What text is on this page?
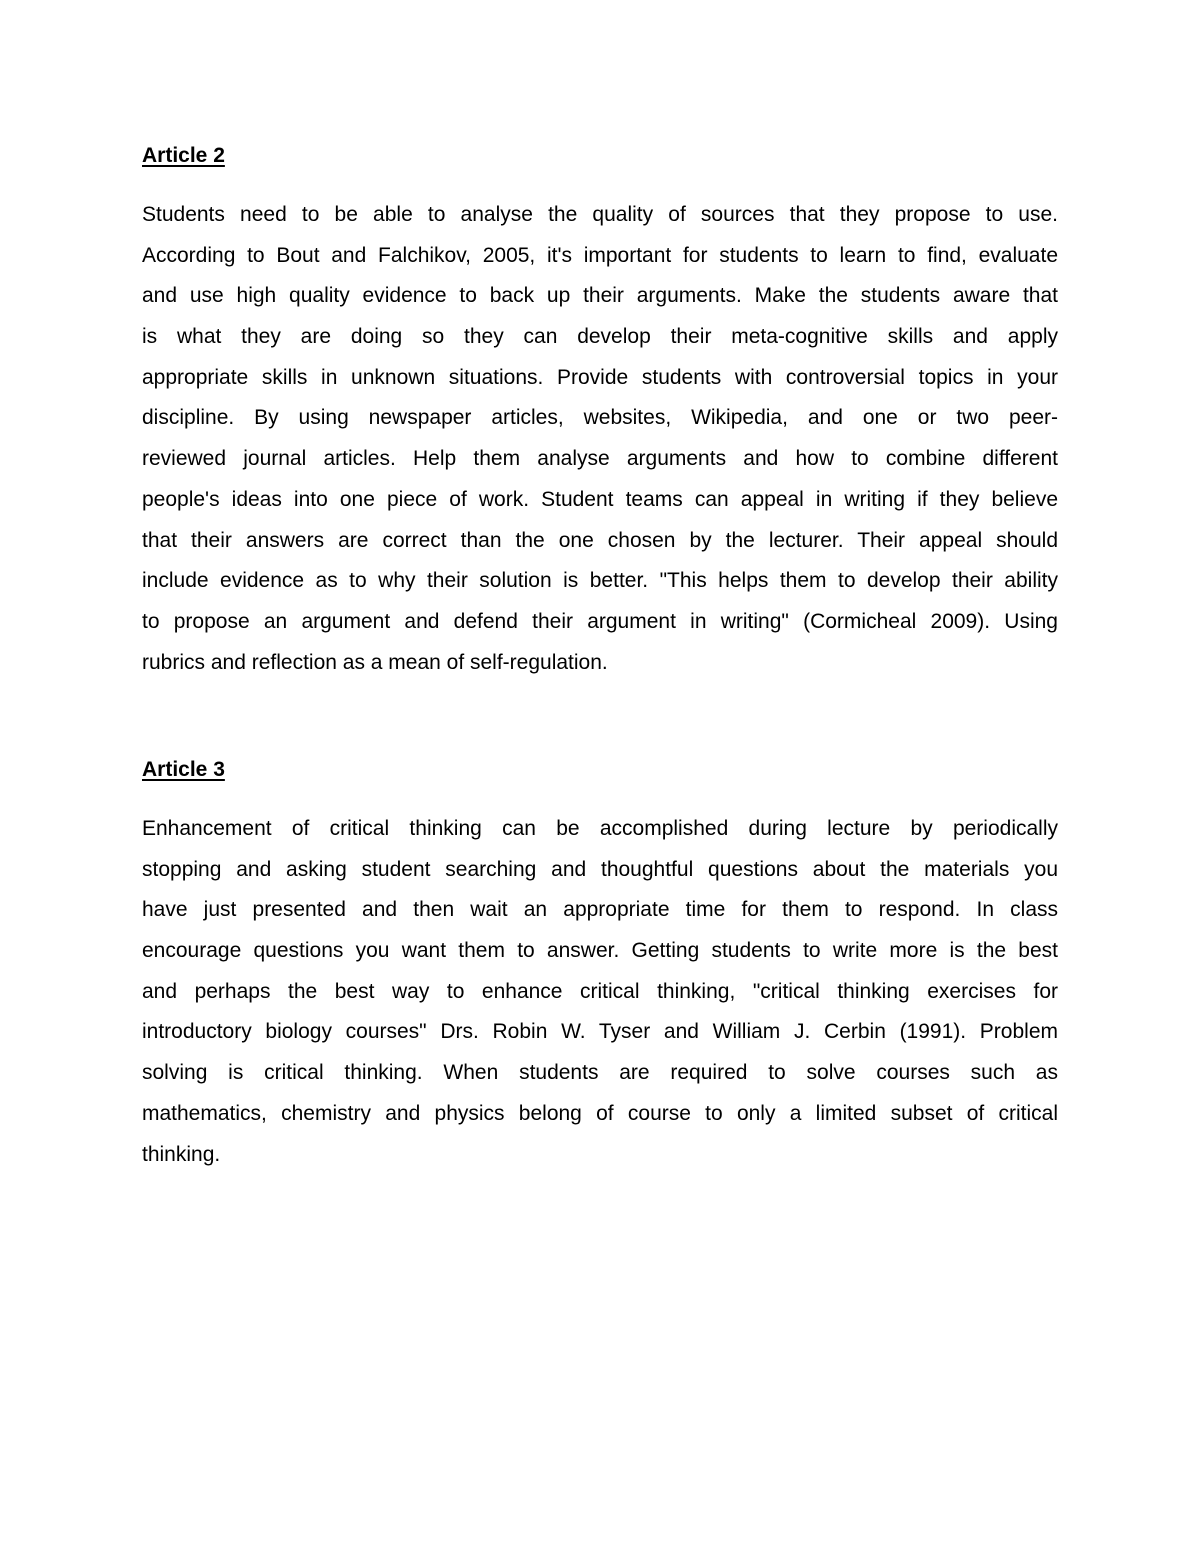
Article 2
Students need to be able to analyse the quality of sources that they propose to use.
According to Bout and Falchikov, 2005, it's important for students to learn to find, evaluate
and use high quality evidence to back up their arguments. Make the students aware that
is what they are doing so they can develop their meta-cognitive skills and apply
appropriate skills in unknown situations. Provide students with controversial topics in your
discipline. By using newspaper articles, websites, Wikipedia, and one or two peer-
reviewed journal articles. Help them analyse arguments and how to combine different
people's ideas into one piece of work. Student teams can appeal in writing if they believe
that their answers are correct than the one chosen by the lecturer. Their appeal should
include evidence as to why their solution is better. "This helps them to develop their ability
to propose an argument and defend their argument in writing" (Cormicheal 2009). Using
rubrics and reflection as a mean of self-regulation.
Article 3
Enhancement of critical thinking can be accomplished during lecture by periodically
stopping and asking student searching and thoughtful questions about the materials you
have just presented and then wait an appropriate time for them to respond. In class
encourage questions you want them to answer. Getting students to write more is the best
and perhaps the best way to enhance critical thinking, "critical thinking exercises for
introductory biology courses" Drs. Robin W. Tyser and William J. Cerbin (1991). Problem
solving is critical thinking. When students are required to solve courses such as
mathematics, chemistry and physics belong of course to only a limited subset of critical
thinking.
